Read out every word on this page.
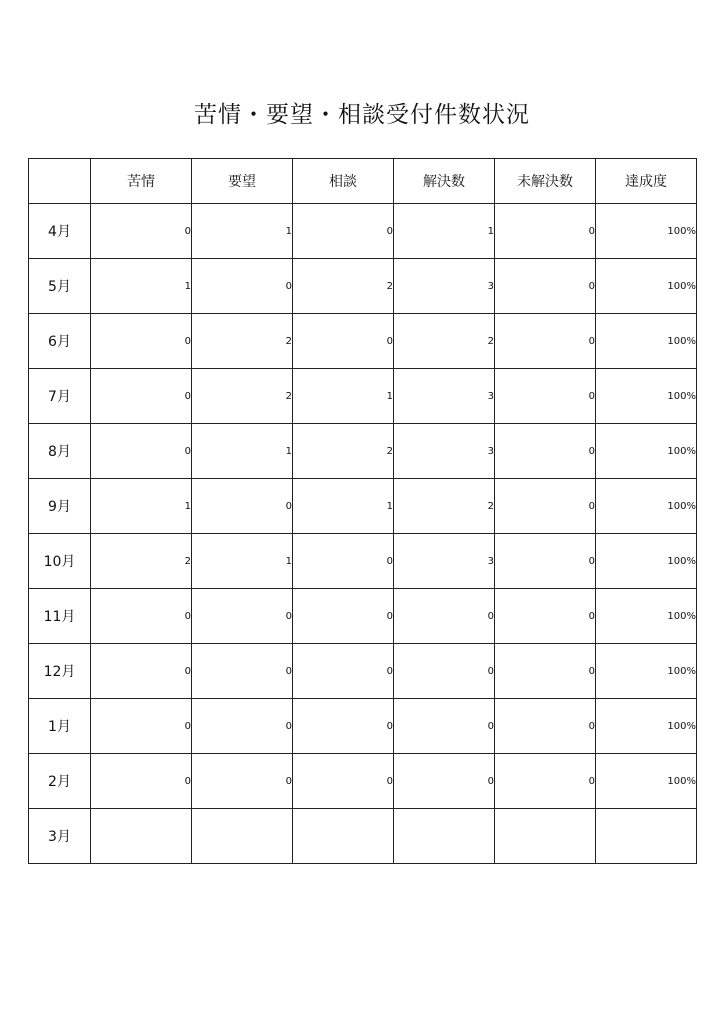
苦情・要望・相談受付件数状況
	苦情	要望	相談	解決数	未解決数	達成度
4月	0	1	0	1	0	100%
5月	1	0	2	3	0	100%
6月	0	2	0	2	0	100%
7月	0	2	1	3	0	100%
8月	0	1	2	3	0	100%
9月	1	0	1	2	0	100%
10月	2	1	0	3	0	100%
11月	0	0	0	0	0	100%
12月	0	0	0	0	0	100%
1月	0	0	0	0	0	100%
2月	0	0	0	0	0	100%
3月						
